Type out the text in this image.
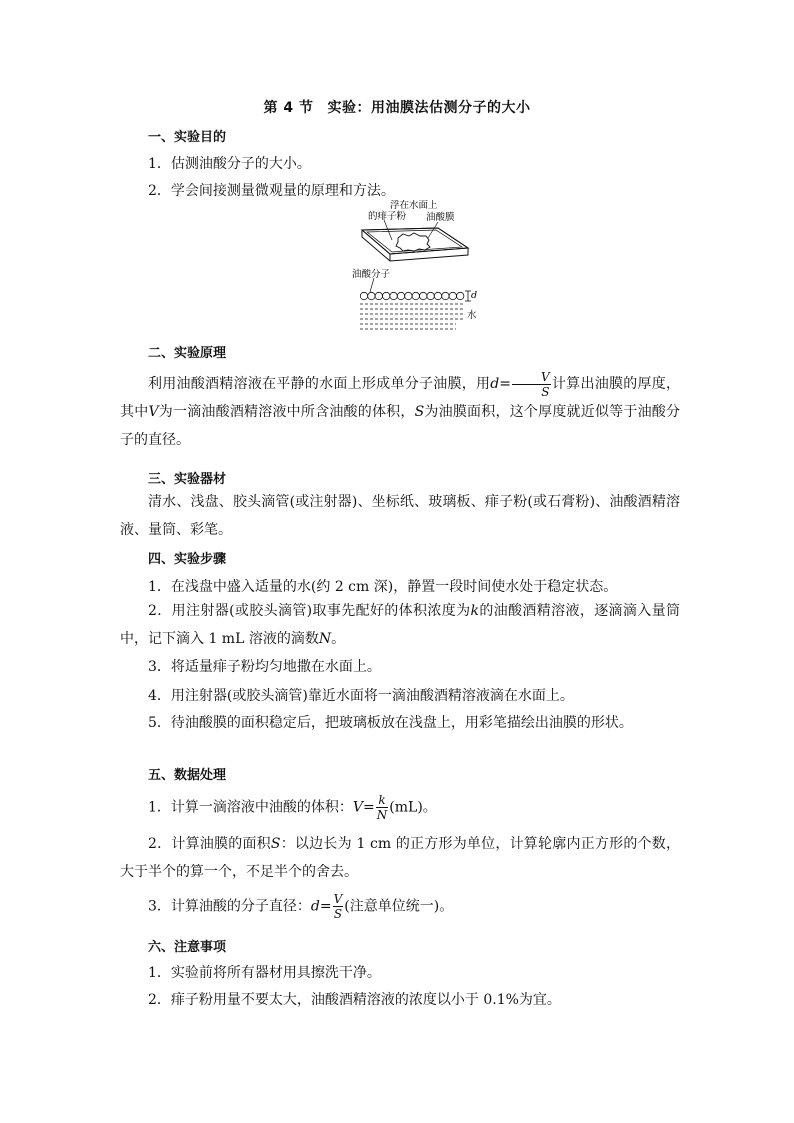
第 4 节 实验：用油膜法估测分子的大小
一、实验目的
1．估测油酸分子的大小。
2．学会间接测量微观量的原理和方法。
浮在水面上
的痱子粉 油酸膜
油酸分子
d
水
二、实验原理
利用油酸酒精溶液在平静的水面上形成单分子油膜，用$d= \frac{V}{S}$ 计算出油膜的厚度，其中V为一滴油酸酒精溶液中所含油酸的体积，S为油膜面积，这个厚度就近似等于油酸分子的直径。
三、实验器材
清水、浅盘、胶头滴管(或注射器)、坐标纸、玻璃板、痱子粉(或石膏粉)、油酸酒精溶液、量筒、彩笔。
四、实验步骤
1．在浅盘中盛入适量的水(约 2 cm 深)，静置一段时间使水处于稳定状态。
2．用注射器(或胶头滴管)取事先配好的体积浓度为k的油酸酒精溶液，逐滴滴入量筒中，记下滴入 1 mL 溶液的滴数N。
3．将适量痱子粉均匀地撒在水面上。
4．用注射器(或胶头滴管)靠近水面将一滴油酸酒精溶液滴在水面上。
5．待油酸膜的面积稳定后，把玻璃板放在浅盘上，用彩笔描绘出油膜的形状。
五、数据处理
1．计算一滴溶液中油酸的体积：$V= \frac{k}{N} (mL)$。
2．计算油膜的面积S：以边长为 1 cm 的正方形为单位，计算轮廓内正方形的个数，大于半个的算一个，不足半个的舍去。
3．计算油酸的分子直径：$d= \frac{V}{S}$ (注意单位统一)。
六、注意事项
1．实验前将所有器材用具擦洗干净。
2．痱子粉用量不要太大，油酸酒精溶液的浓度以小于 0.1%为宜。
